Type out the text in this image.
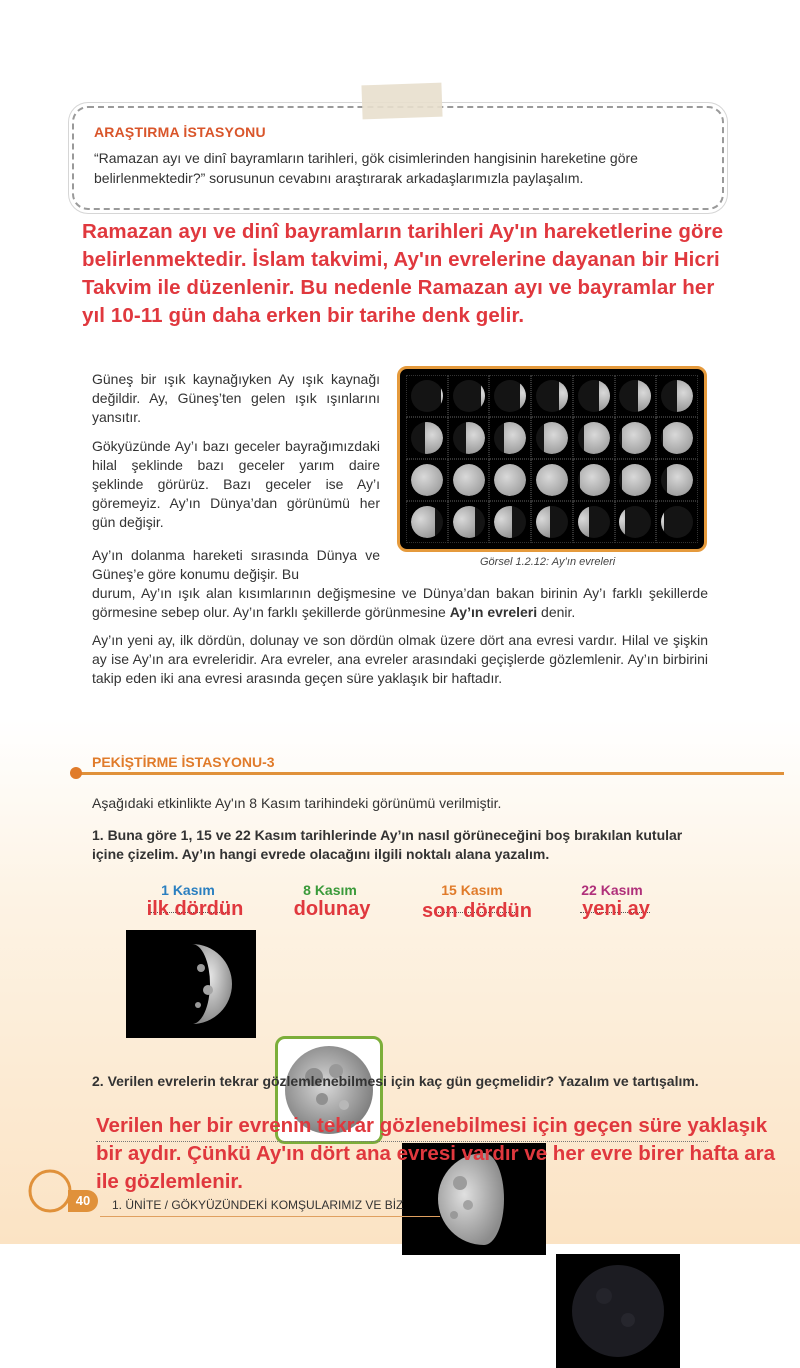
ARAŞTIRMA İSTASYONU
“Ramazan ayı ve dinî bayramların tarihleri, gök cisimlerinden hangisinin hareketine göre belirlenmektedir?” sorusunun cevabını araştırarak arkadaşlarımızla paylaşalım.
Ramazan ayı ve dinî bayramların tarihleri Ay'ın hareketlerine göre belirlenmektedir. İslam takvimi, Ay'ın evrelerine dayanan bir Hicri Takvim ile düzenlenir. Bu nedenle Ramazan ayı ve bayramlar her yıl 10-11 gün daha erken bir tarihe denk gelir.
Güneş bir ışık kaynağıyken Ay ışık kaynağı değildir. Ay, Güneş’ten gelen ışık ışınlarını yansıtır.
Gökyüzünde Ay’ı bazı geceler bayrağımızdaki hilal şeklinde bazı geceler yarım daire şeklinde görürüz. Bazı geceler ise Ay’ı göremeyiz. Ay’ın Dünya’dan görünümü her gün değişir.
Ay’ın dolanma hareketi sırasında Dünya ve Güneş’e göre konumu değişir. Bu
durum, Ay’ın ışık alan kısımlarının değişmesine ve Dünya’dan bakan birinin Ay’ı farklı şekillerde görmesine sebep olur. Ay’ın farklı şekillerde görünmesine Ay’ın evreleri denir.
Ay’ın yeni ay, ilk dördün, dolunay ve son dördün olmak üzere dört ana evresi vardır. Hilal ve şişkin ay ise Ay’ın ara evreleridir. Ara evreler, ana evreler arasındaki geçişlerde gözlemlenir. Ay’ın birbirini takip eden iki ana evresi arasında geçen süre yaklaşık bir haftadır.
Görsel 1.2.12: Ay’ın evreleri
PEKİŞTİRME İSTASYONU-3
Aşağıdaki etkinlikte Ay'ın 8 Kasım tarihindeki görünümü verilmiştir.
1. Buna göre 1, 15 ve 22 Kasım tarihlerinde Ay’ın nasıl görüneceğini boş bırakılan kutular içine çizelim. Ay’ın hangi evrede olacağını ilgili noktalı alana yazalım.
1 Kasım	8 Kasım	15 Kasım	22 Kasım
ilk dördün	dolunay	son dördün	yeni ay
2. Verilen evrelerin tekrar gözlemlenebilmesi için kaç gün geçmelidir? Yazalım ve tartışalım.
Verilen her bir evrenin tekrar gözlenebilmesi için geçen süre yaklaşık bir aydır. Çünkü Ay'ın dört ana evresi vardır ve her evre birer hafta ara ile gözlemlenir.
40	1. ÜNİTE / GÖKYÜZÜNDEKİ KOMŞULARIMIZ VE BİZ
